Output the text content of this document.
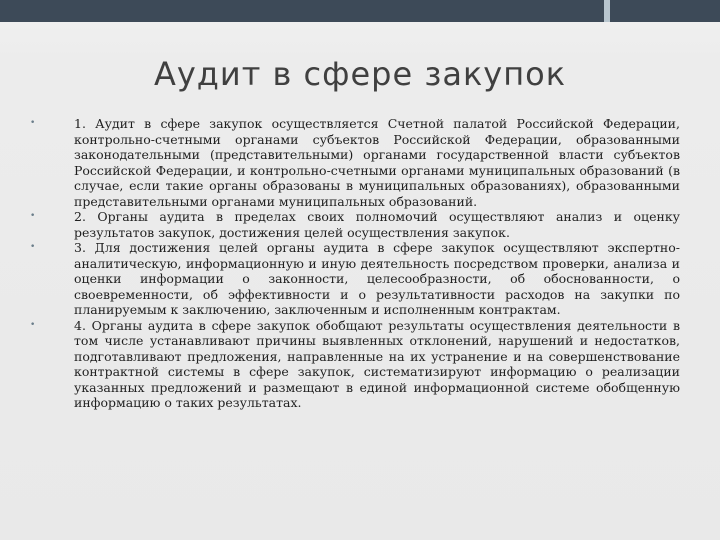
Аудит в сфере закупок
•	1. Аудит в сфере закупок осуществляется Счетной палатой Российской Федерации, контрольно-счетными органами субъектов Российской Федерации, образованными законодательными (представительными) органами государственной власти субъектов Российской Федерации, и контрольно-счетными органами муниципальных образований (в случае, если такие органы образованы в муниципальных образованиях), образованными представительными органами муниципальных образований.
•	2. Органы аудита в пределах своих полномочий осуществляют анализ и оценку результатов закупок, достижения целей осуществления закупок.
•	3. Для достижения целей органы аудита в сфере закупок осуществляют экспертно-аналитическую, информационную и иную деятельность посредством проверки, анализа и оценки информации о законности, целесообразности, об обоснованности, о своевременности, об эффективности и о результативности расходов на закупки по планируемым к заключению, заключенным и исполненным контрактам.
•	4. Органы аудита в сфере закупок обобщают результаты осуществления деятельности в том числе устанавливают причины выявленных отклонений, нарушений и недостатков, подготавливают предложения, направленные на их устранение и на совершенствование контрактной системы в сфере закупок, систематизируют информацию о реализации указанных предложений и размещают в единой информационной системе обобщенную информацию о таких результатах.
